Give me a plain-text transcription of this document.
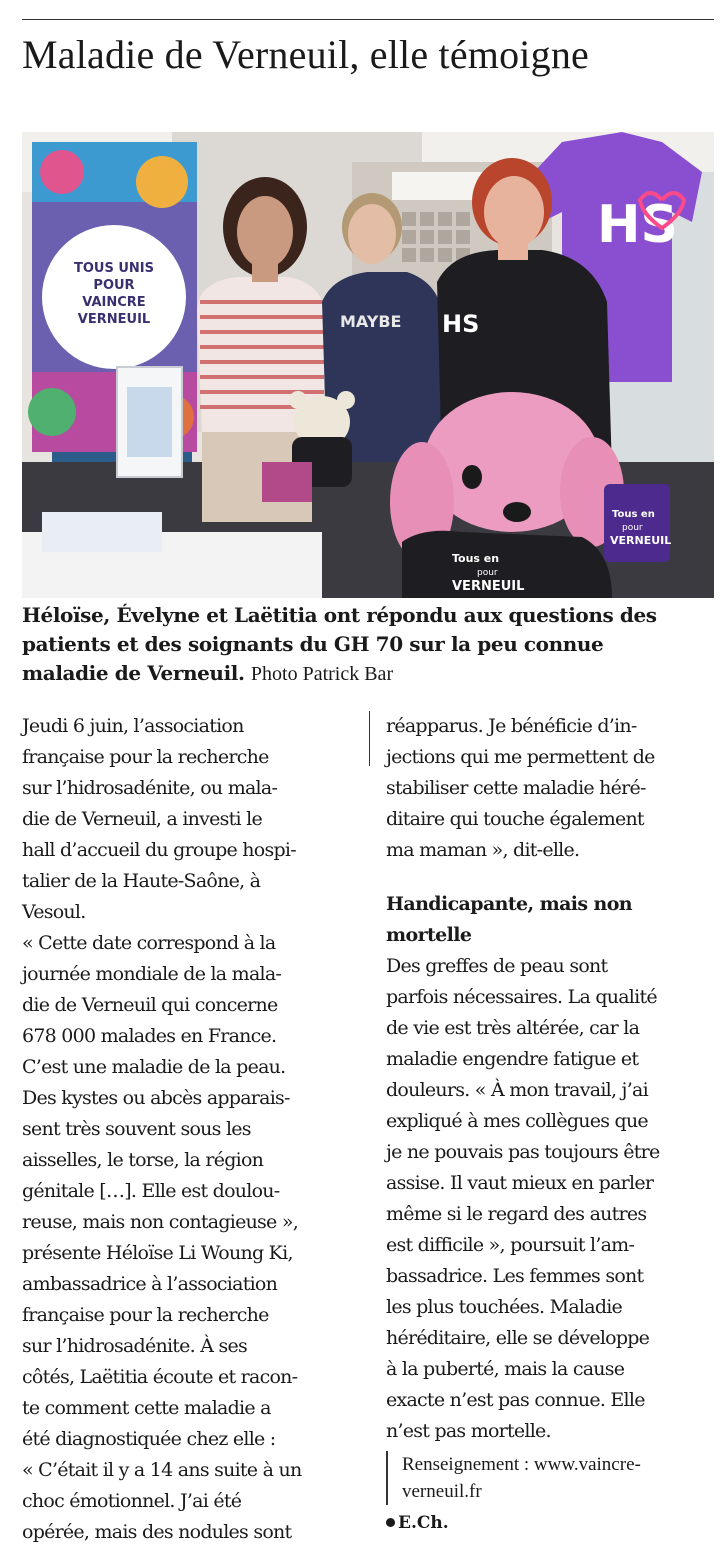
Maladie de Verneuil, elle témoigne
TOUS UNIS
POUR
VAINCRE
VERNEUIL
HS
MAYBE HS
Tous en
pour
VERNEUIL
Tous en
pour
VERNEUIL
Héloïse, Évelyne et Laëtitia ont répondu aux questions des
patients et des soignants du GH 70 sur la peu connue
maladie de Verneuil. Photo Patrick Bar
Jeudi 6 juin, l’association
française pour la recherche
sur l’hidrosadénite, ou mala-
die de Verneuil, a investi le
hall d’accueil du groupe hospi-
talier de la Haute-Saône, à
Vesoul.
« Cette date correspond à la
journée mondiale de la mala-
die de Verneuil qui concerne
678 000 malades en France.
C’est une maladie de la peau.
Des kystes ou abcès apparais-
sent très souvent sous les
aisselles, le torse, la région
génitale […]. Elle est doulou-
reuse, mais non contagieuse »,
présente Héloïse Li Woung Ki,
ambassadrice à l’association
française pour la recherche
sur l’hidrosadénite. À ses
côtés, Laëtitia écoute et racon-
te comment cette maladie a
été diagnostiquée chez elle :
« C’était il y a 14 ans suite à un
choc émotionnel. J’ai été
opérée, mais des nodules sont
réapparus. Je bénéficie d’in-
jections qui me permettent de
stabiliser cette maladie héré-
ditaire qui touche également
ma maman », dit-elle.
Handicapante, mais non
mortelle
Des greffes de peau sont
parfois nécessaires. La qualité
de vie est très altérée, car la
maladie engendre fatigue et
douleurs. « À mon travail, j’ai
expliqué à mes collègues que
je ne pouvais pas toujours être
assise. Il vaut mieux en parler
même si le regard des autres
est difficile », poursuit l’am-
bassadrice. Les femmes sont
les plus touchées. Maladie
héréditaire, elle se développe
à la puberté, mais la cause
exacte n’est pas connue. Elle
n’est pas mortelle.
Renseignement : www.vaincre-
verneuil.fr
E.Ch.
